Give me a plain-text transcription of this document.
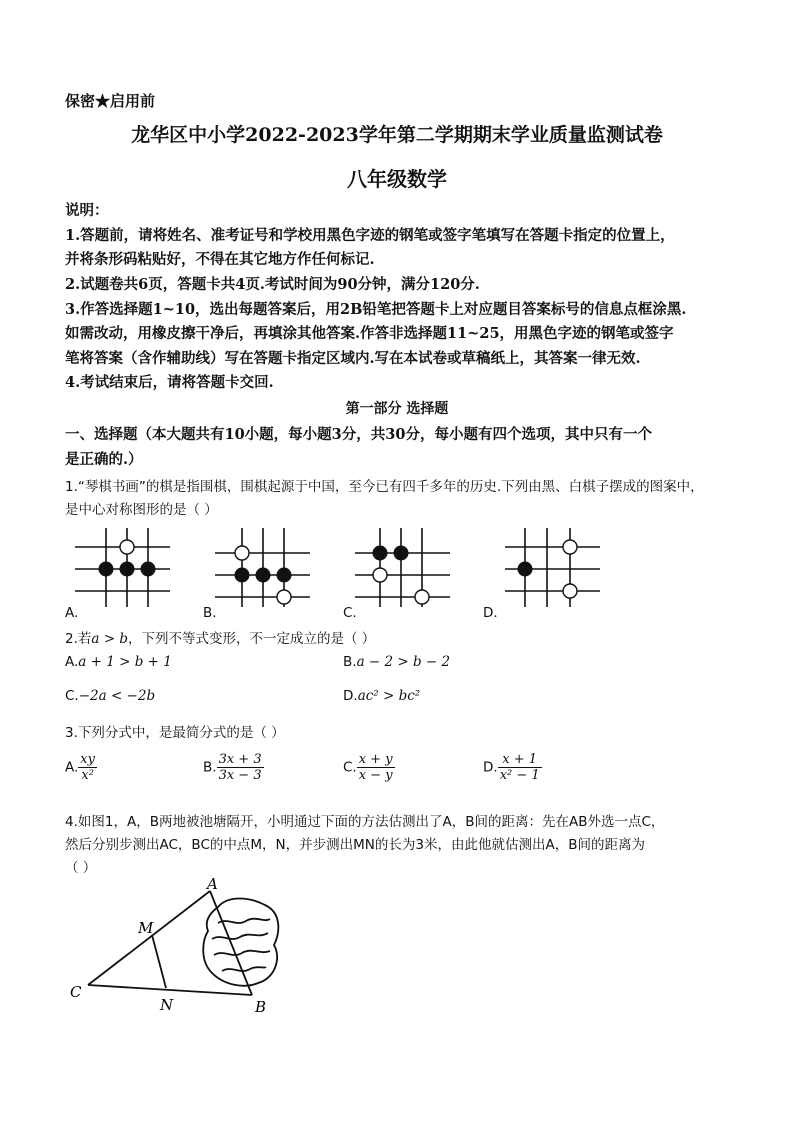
保密★启用前
龙华区中小学2022-2023学年第二学期期末学业质量监测试卷
八年级数学
说明：
1.答题前，请将姓名、准考证号和学校用黑色字迹的钢笔或签字笔填写在答题卡指定的位置上，
并将条形码粘贴好，不得在其它地方作任何标记.
2.试题卷共6页，答题卡共4页.考试时间为90分钟，满分120分.
3.作答选择题1~10，选出每题答案后，用2B铅笔把答题卡上对应题目答案标号的信息点框涂黑.
如需改动，用橡皮擦干净后，再填涂其他答案.作答非选择题11~25，用黑色字迹的钢笔或签字
笔将答案（含作辅助线）写在答题卡指定区域内.写在本试卷或草稿纸上，其答案一律无效.
4.考试结束后，请将答题卡交回.
第一部分 选择题
一、选择题（本大题共有10小题，每小题3分，共30分，每小题有四个选项，其中只有一个
是正确的.）
1.“琴棋书画”的棋是指围棋，围棋起源于中国，至今已有四千多年的历史.下列由黑、白棋子摆成的图案中，
是中心对称图形的是（ ）
A.	B.	C.	D.
2.若a > b，下列不等式变形，不一定成立的是（ ）
A.a + 1 > b + 1	B.a − 2 > b − 2
C.−2a < −2b	D.ac² > bc²
3.下列分式中，是最简分式的是（ ）
A. $\frac{xy}{\text{x²}}$	B. $\frac{3x + 3}{3x - 3}$	C. $\frac{x + y}{x - y}$	D. $\frac{x + 1}{\text{x² − 1}}$
4.如图1，A，B两地被池塘隔开，小明通过下面的方法估测出了A，B间的距离：先在AB外选一点C，
然后分别步测出AC，BC的中点M，N，并步测出MN的长为3米，由此他就估测出A，B间的距离为
（ ）
A
M
C
N	B
